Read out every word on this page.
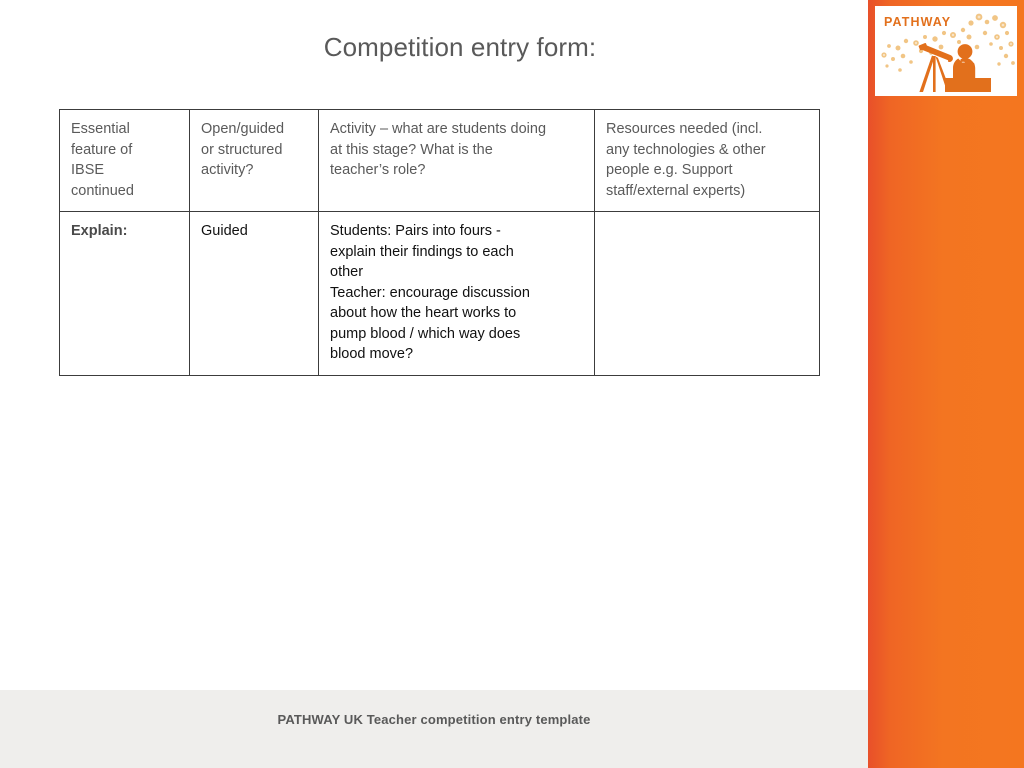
Competition entry form:
Essential
feature of
IBSE
continued	Open/guided
or structured
activity?	Activity – what are students doing
at this stage? What is the
teacher’s role?	Resources needed (incl.
any technologies & other
people e.g. Support
staff/external experts)

Explain:	Guided	Students: Pairs into fours -
explain their findings to each
other
Teacher: encourage discussion
about how the heart works to
pump blood / which way does
blood move?

PATHWAY UK Teacher competition entry template
PATHWAY
